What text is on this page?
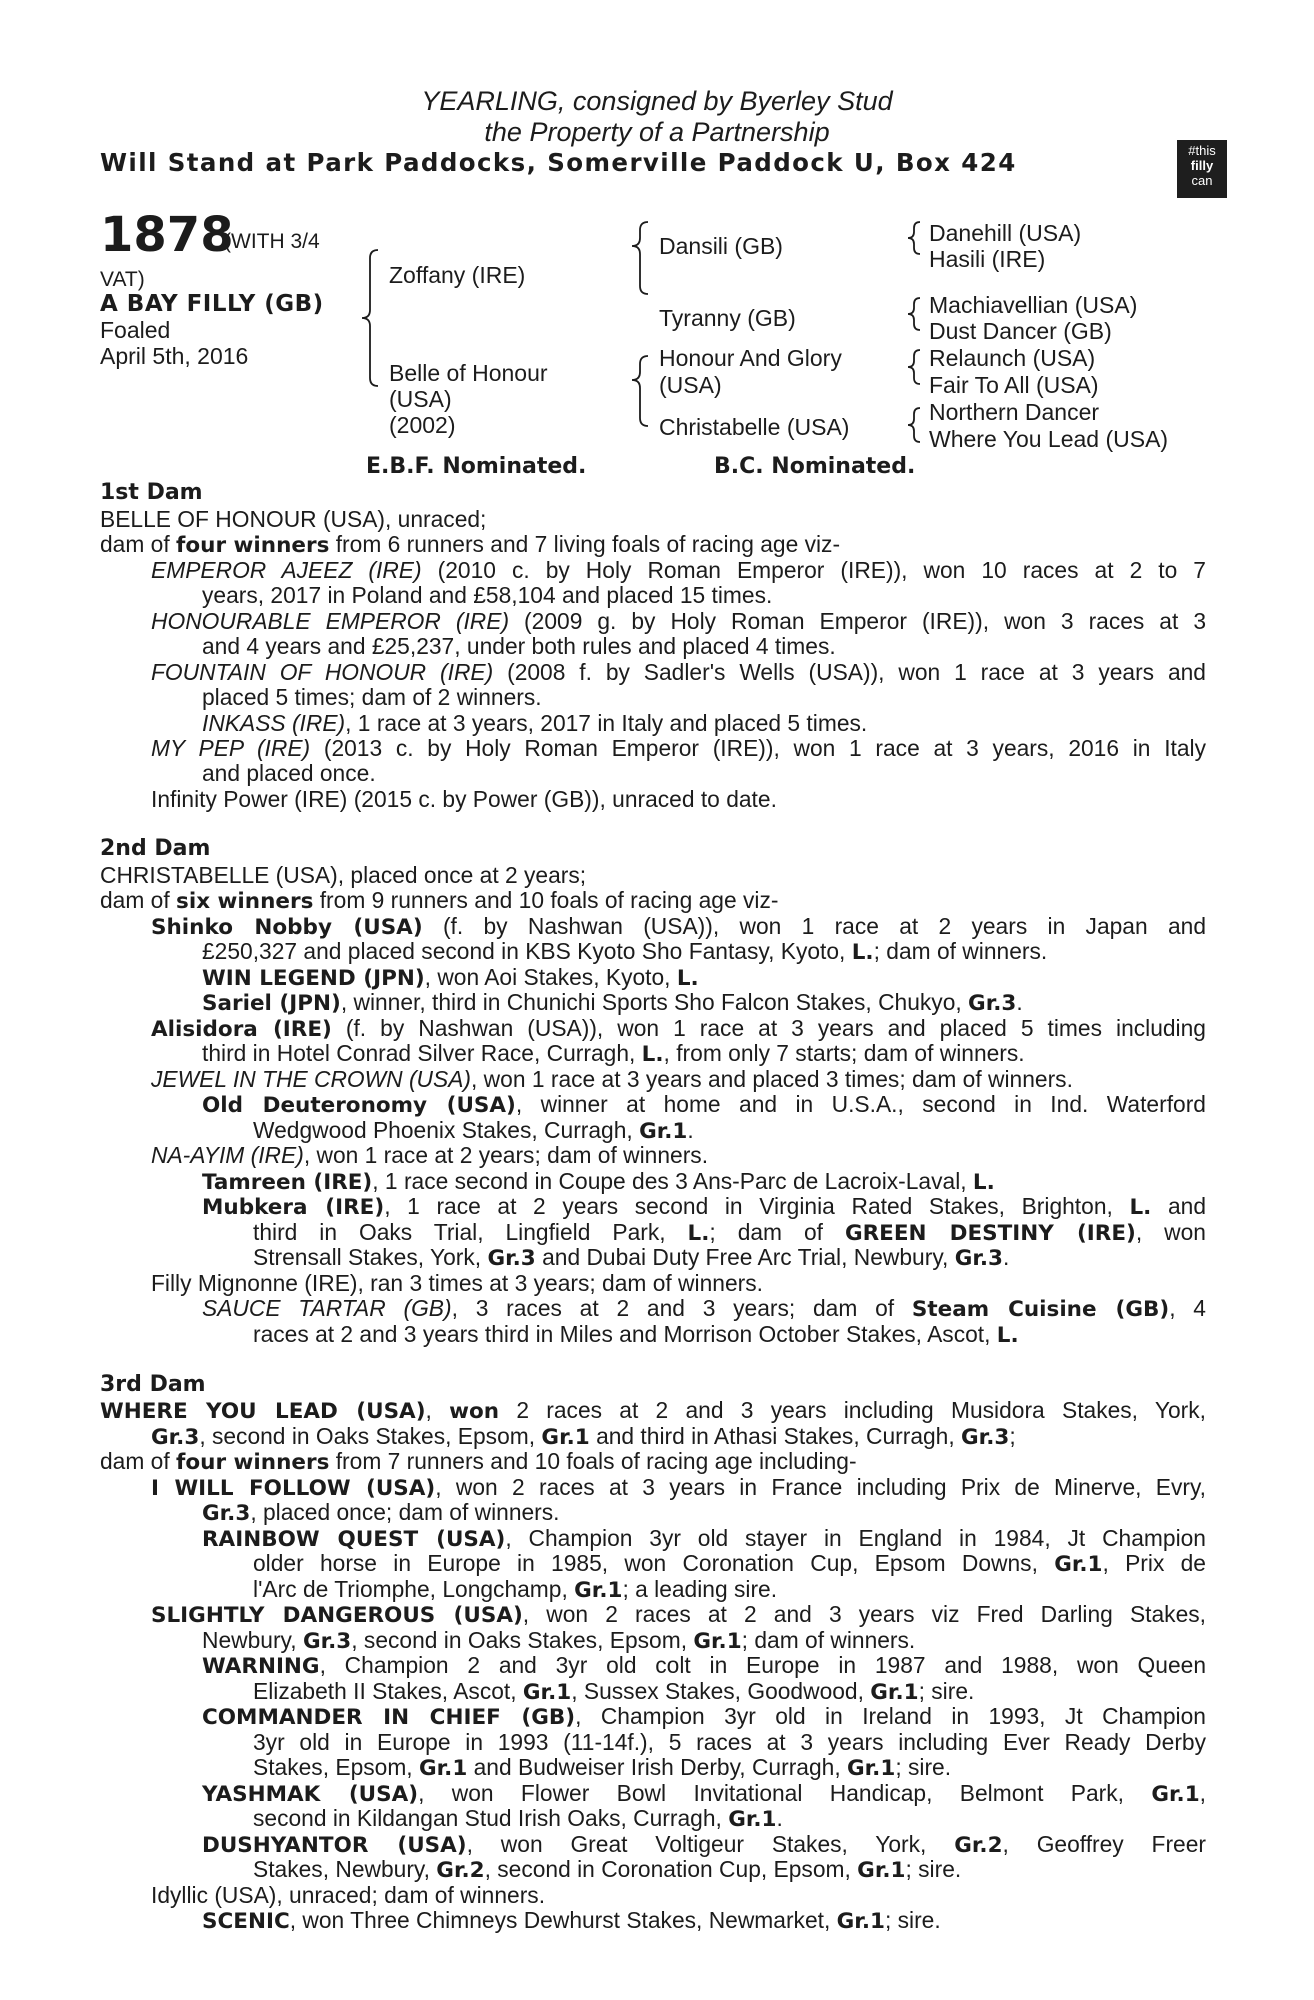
YEARLING, consigned by Byerley Stud
the Property of a Partnership
Will Stand at Park Paddocks, Somerville Paddock U, Box 424	#this
filly
can
1878
(WITH 3/4
VAT)
A BAY FILLY (GB)
Foaled
April 5th, 2016
Zoffany (IRE)
Belle of Honour
(USA)
(2002)
Dansili (GB)
Tyranny (GB)
Honour And Glory
(USA)
Christabelle (USA)
Danehill (USA)
Hasili (IRE)
Machiavellian (USA)
Dust Dancer (GB)
Relaunch (USA)
Fair To All (USA)
Northern Dancer
Where You Lead (USA)
E.B.F. Nominated.	B.C. Nominated.
1st Dam
BELLE OF HONOUR (USA), unraced;
dam of four winners from 6 runners and 7 living foals of racing age viz-
EMPEROR AJEEZ (IRE) (2010 c. by Holy Roman Emperor (IRE)), won 10 races at 2 to 7
years, 2017 in Poland and £58,104 and placed 15 times.
HONOURABLE EMPEROR (IRE) (2009 g. by Holy Roman Emperor (IRE)), won 3 races at 3
and 4 years and £25,237, under both rules and placed 4 times.
FOUNTAIN OF HONOUR (IRE) (2008 f. by Sadler's Wells (USA)), won 1 race at 3 years and
placed 5 times; dam of 2 winners.
INKASS (IRE), 1 race at 3 years, 2017 in Italy and placed 5 times.
MY PEP (IRE) (2013 c. by Holy Roman Emperor (IRE)), won 1 race at 3 years, 2016 in Italy
and placed once.
Infinity Power (IRE) (2015 c. by Power (GB)), unraced to date.
2nd Dam
CHRISTABELLE (USA), placed once at 2 years;
dam of six winners from 9 runners and 10 foals of racing age viz-
Shinko Nobby (USA) (f. by Nashwan (USA)), won 1 race at 2 years in Japan and
£250,327 and placed second in KBS Kyoto Sho Fantasy, Kyoto, L.; dam of winners.
WIN LEGEND (JPN), won Aoi Stakes, Kyoto, L.
Sariel (JPN), winner, third in Chunichi Sports Sho Falcon Stakes, Chukyo, Gr.3.
Alisidora (IRE) (f. by Nashwan (USA)), won 1 race at 3 years and placed 5 times including
third in Hotel Conrad Silver Race, Curragh, L., from only 7 starts; dam of winners.
JEWEL IN THE CROWN (USA), won 1 race at 3 years and placed 3 times; dam of winners.
Old Deuteronomy (USA), winner at home and in U.S.A., second in Ind. Waterford
Wedgwood Phoenix Stakes, Curragh, Gr.1.
NA-AYIM (IRE), won 1 race at 2 years; dam of winners.
Tamreen (IRE), 1 race second in Coupe des 3 Ans-Parc de Lacroix-Laval, L.
Mubkera (IRE), 1 race at 2 years second in Virginia Rated Stakes, Brighton, L. and
third in Oaks Trial, Lingfield Park, L.; dam of GREEN DESTINY (IRE), won
Strensall Stakes, York, Gr.3 and Dubai Duty Free Arc Trial, Newbury, Gr.3.
Filly Mignonne (IRE), ran 3 times at 3 years; dam of winners.
SAUCE TARTAR (GB), 3 races at 2 and 3 years; dam of Steam Cuisine (GB), 4
races at 2 and 3 years third in Miles and Morrison October Stakes, Ascot, L.
3rd Dam
WHERE YOU LEAD (USA), won 2 races at 2 and 3 years including Musidora Stakes, York,
Gr.3, second in Oaks Stakes, Epsom, Gr.1 and third in Athasi Stakes, Curragh, Gr.3;
dam of four winners from 7 runners and 10 foals of racing age including-
I WILL FOLLOW (USA), won 2 races at 3 years in France including Prix de Minerve, Evry,
Gr.3, placed once; dam of winners.
RAINBOW QUEST (USA), Champion 3yr old stayer in England in 1984, Jt Champion
older horse in Europe in 1985, won Coronation Cup, Epsom Downs, Gr.1, Prix de
l'Arc de Triomphe, Longchamp, Gr.1; a leading sire.
SLIGHTLY DANGEROUS (USA), won 2 races at 2 and 3 years viz Fred Darling Stakes,
Newbury, Gr.3, second in Oaks Stakes, Epsom, Gr.1; dam of winners.
WARNING, Champion 2 and 3yr old colt in Europe in 1987 and 1988, won Queen
Elizabeth II Stakes, Ascot, Gr.1, Sussex Stakes, Goodwood, Gr.1; sire.
COMMANDER IN CHIEF (GB), Champion 3yr old in Ireland in 1993, Jt Champion
3yr old in Europe in 1993 (11-14f.), 5 races at 3 years including Ever Ready Derby
Stakes, Epsom, Gr.1 and Budweiser Irish Derby, Curragh, Gr.1; sire.
YASHMAK (USA), won Flower Bowl Invitational Handicap, Belmont Park, Gr.1,
second in Kildangan Stud Irish Oaks, Curragh, Gr.1.
DUSHYANTOR (USA), won Great Voltigeur Stakes, York, Gr.2, Geoffrey Freer
Stakes, Newbury, Gr.2, second in Coronation Cup, Epsom, Gr.1; sire.
Idyllic (USA), unraced; dam of winners.
SCENIC, won Three Chimneys Dewhurst Stakes, Newmarket, Gr.1; sire.
